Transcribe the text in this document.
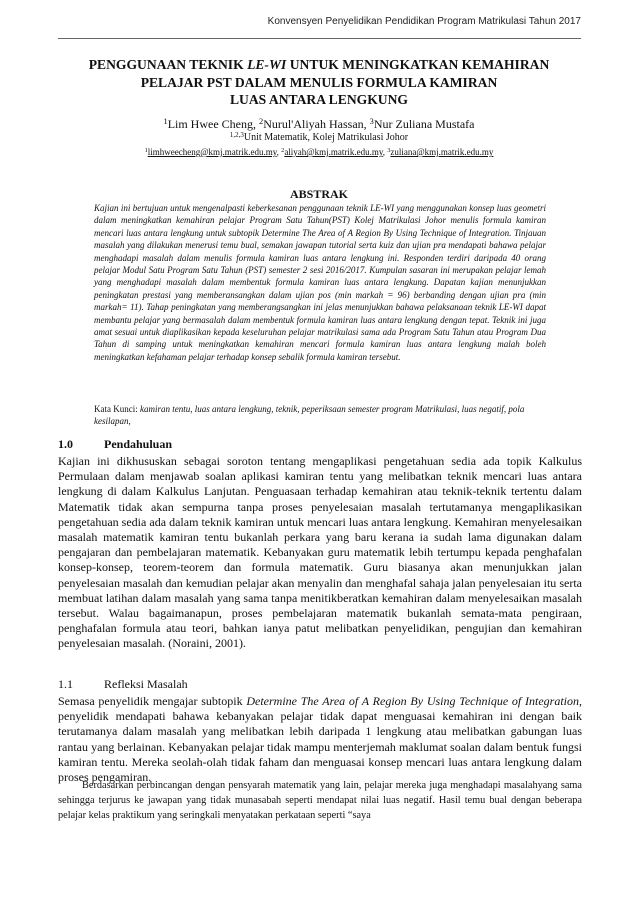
Konvensyen Penyelidikan Pendidikan Program Matrikulasi Tahun 2017
PENGGUNAAN TEKNIK LE-WI UNTUK MENINGKATKAN KEMAHIRAN
PELAJAR PST DALAM MENULIS FORMULA KAMIRAN
LUAS ANTARA LENGKUNG
$^1$Lim Hwee Cheng, $^2$Nurul'Aliyah Hassan, $^3$Nur Zuliana Mustafa
$^{1,2,3}$Unit Matematik, Kolej Matrikulasi Johor
$^1$limhweecheng@kmj.matrik.edu.my, $^2$aliyah@kmj.matrik.edu.my, $^3$zuliana@kmj.matrik.edu.my
ABSTRAK
Kajian ini bertujuan untuk mengenalpasti keberkesanan penggunaan teknik LE-WI yang menggunakan konsep luas geometri dalam meningkatkan kemahiran pelajar Program Satu Tahun(PST) Kolej Matrikulasi Johor menulis formula kamiran mencari luas antara lengkung untuk subtopik Determine The Area of A Region By Using Technique of Integration. Tinjauan masalah yang dilakukan menerusi temu bual, semakan jawapan tutorial serta kuiz dan ujian pra mendapati bahawa pelajar menghadapi masalah dalam menulis formula kamiran luas antara lengkung ini. Responden terdiri daripada 40 orang pelajar Modul Satu Program Satu Tahun (PST) semester 2 sesi 2016/2017. Kumpulan sasaran ini merupakan pelajar lemah yang menghadapi masalah dalam membentuk formula kamiran luas antara lengkung. Dapatan kajian menunjukkan peningkatan prestasi yang memberansangkan dalam ujian pos (min markah = 96) berbanding dengan ujian pra (min markah= 11). Tahap peningkatan yang memberangsangkan ini jelas menunjukkan bahawa pelaksanaan teknik LE-WI dapat membantu pelajar yang bermasalah dalam membentuk formula kamiran luas antara lengkung dengan tepat. Teknik ini juga amat sesuai untuk diaplikasikan kepada keseluruhan pelajar matrikulasi sama ada Program Satu Tahun atau Program Dua Tahun di samping untuk meningkatkan kemahiran mencari formula kamiran luas antara lengkung malah boleh meningkatkan kefahaman pelajar terhadap konsep sebalik formula kamiran tersebut.
Kata Kunci: kamiran tentu, luas antara lengkung, teknik, peperiksaan semester program Matrikulasi, luas negatif, pola kesilapan,
1.0	Pendahuluan
Kajian ini dikhususkan sebagai soroton tentang mengaplikasi pengetahuan sedia ada topik Kalkulus Permulaan dalam menjawab soalan aplikasi kamiran tentu yang melibatkan teknik mencari luas antara lengkung di dalam Kalkulus Lanjutan. Penguasaan terhadap kemahiran atau teknik-teknik tertentu dalam Matematik tidak akan sempurna tanpa proses penyelesaian masalah tertutamanya mengaplikasikan pengetahuan sedia ada dalam teknik kamiran untuk mencari luas antara lengkung. Kemahiran menyelesaikan masalah matematik kamiran tentu bukanlah perkara yang baru kerana ia sudah lama digunakan dalam pengajaran dan pembelajaran matematik. Kebanyakan guru matematik lebih tertumpu kepada penghafalan konsep-konsep, teorem-teorem dan formula matematik. Guru biasanya akan menunjukkan jalan penyelesaian masalah dan kemudian pelajar akan menyalin dan menghafal sahaja jalan penyelesaian itu serta membuat latihan dalam masalah yang sama tanpa menitikberatkan kemahiran dalam menyelesaikan masalah tersebut. Walau bagaimanapun, proses pembelajaran matematik bukanlah semata-mata pengiraan, penghafalan formula atau teori, bahkan ianya patut melibatkan penyelidikan, pengujian dan kemahiran penyelesaian masalah. (Noraini, 2001).
1.1	Refleksi Masalah
Semasa penyelidik mengajar subtopik Determine The Area of A Region By Using Technique of Integration, penyelidik mendapati bahawa kebanyakan pelajar tidak dapat menguasai kemahiran ini dengan baik terutamanya dalam masalah yang melibatkan lebih daripada 1 lengkung atau melibatkan gabungan luas rantau yang berlainan. Kebanyakan pelajar tidak mampu menterjemah maklumat soalan dalam bentuk fungsi kamiran tentu. Mereka seolah-olah tidak faham dan menguasai konsep mencari luas antara lengkung dalam proses pengamiran.
Berdasarkan perbincangan dengan pensyarah matematik yang lain, pelajar mereka juga menghadapi masalahyang sama sehingga terjurus ke jawapan yang tidak munasabah seperti mendapat nilai luas negatif. Hasil temu bual dengan beberapa pelajar kelas praktikum yang seringkali menyatakan perkataan seperti “saya
